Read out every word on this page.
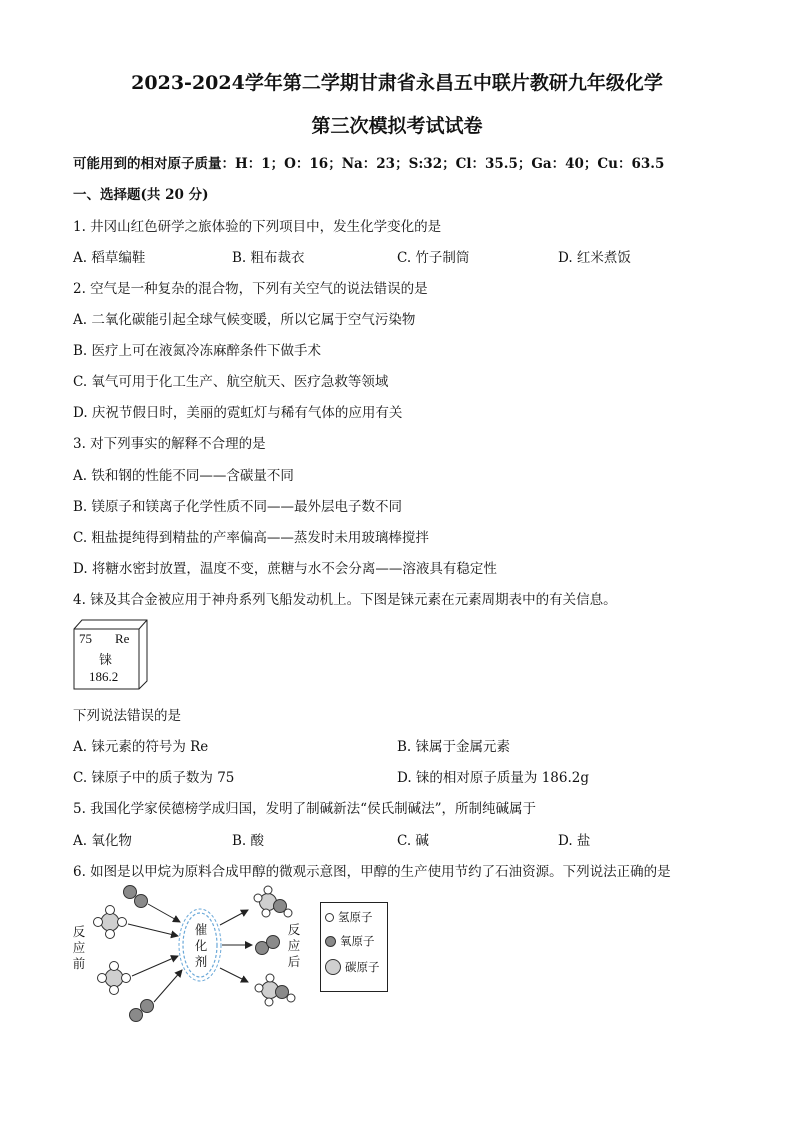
2023-2024学年第二学期甘肃省永昌五中联片教研九年级化学
第三次模拟考试试卷
可能用到的相对原子质量：H：1；O：16；Na：23；S:32；Cl：35.5；Ga：40；Cu：63.5
一、选择题(共 20 分)
1. 井冈山红色研学之旅体验的下列项目中，发生化学变化的是
A. 稻草编鞋	B. 粗布裁衣	C. 竹子制筒	D. 红米煮饭
2. 空气是一种复杂的混合物，下列有关空气的说法错误的是
A. 二氧化碳能引起全球气候变暖，所以它属于空气污染物
B. 医疗上可在液氮冷冻麻醉条件下做手术
C. 氧气可用于化工生产、航空航天、医疗急救等领域
D. 庆祝节假日时，美丽的霓虹灯与稀有气体的应用有关
3. 对下列事实的解释不合理的是
A. 铁和钢的性能不同——含碳量不同
B. 镁原子和镁离子化学性质不同——最外层电子数不同
C. 粗盐提纯得到精盐的产率偏高——蒸发时未用玻璃棒搅拌
D. 将糖水密封放置，温度不变，蔗糖与水不会分离——溶液具有稳定性
4. 铼及其合金被应用于神舟系列飞船发动机上。下图是铼元素在元素周期表中的有关信息。
75 Re
铼
186.2
下列说法错误的是
A. 铼元素的符号为 Re	B. 铼属于金属元素
C. 铼原子中的质子数为 75	D. 铼的相对原子质量为 186.2g
5. 我国化学家侯德榜学成归国，发明了制碱新法“侯氏制碱法”，所制纯碱属于
A. 氧化物	B. 酸	C. 碱	D. 盐
6. 如图是以甲烷为原料合成甲醇的微观示意图，甲醇的生产使用节约了石油资源。下列说法正确的是
反应前
催化剂
反应后
氢原子
氧原子
碳原子
